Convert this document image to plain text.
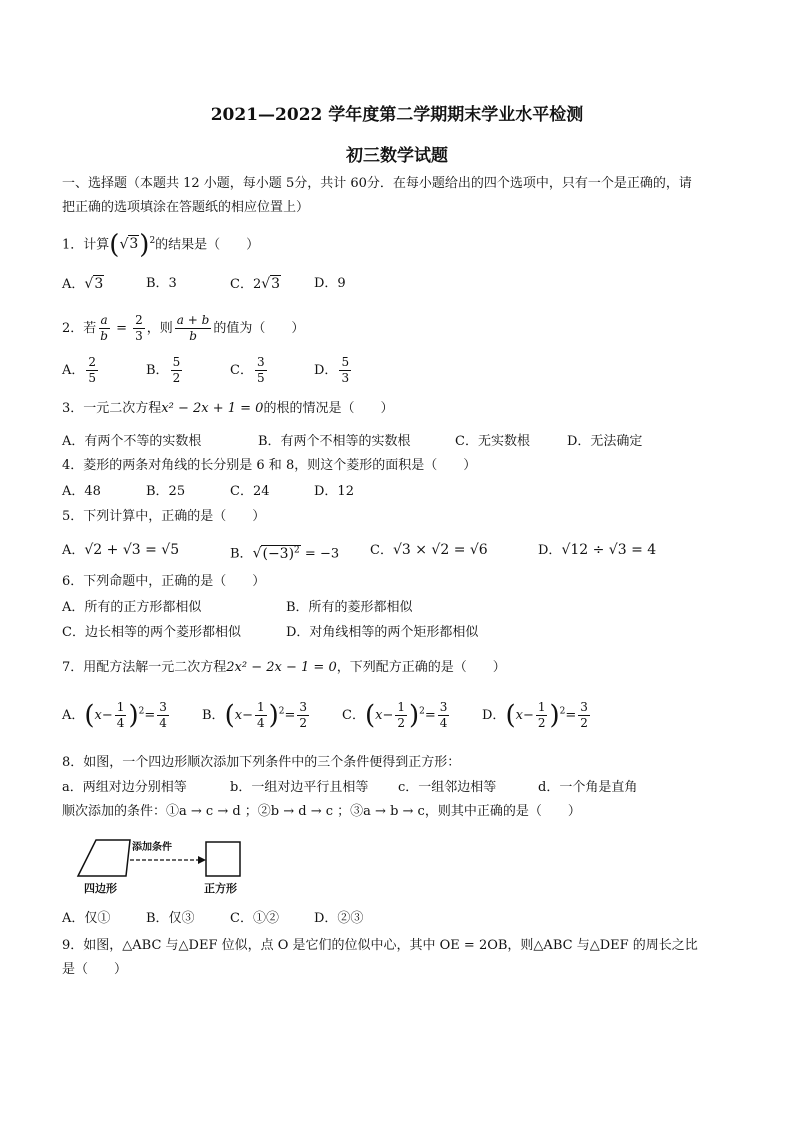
2021—2022 学年度第二学期期末学业水平检测
初三数学试题
一、选择题（本题共 12 小题，每小题 5分，共计 60分．在每小题给出的四个选项中，只有一个是正确的，请
把正确的选项填涂在答题纸的相应位置上）
1．计算$(√3)^2$的结果是（　　）
A．√3	B．3	C．2√3	D．9
2．若 $\frac{a}{b} = \frac{2}{3}$ ，则 $\frac{a + b}{b}$ 的值为（　　）
A． $\frac{2}{5}$	B． $\frac{5}{2}$	C． $\frac{3}{5}$	D． $\frac{5}{3}$
3．一元二次方程x² − 2x + 1 = 0的根的情况是（　　）
A．有两个不等的实数根	B．有两个不相等的实数根	C．无实数根	D．无法确定
4．菱形的两条对角线的长分别是 6 和 8，则这个菱形的面积是（　　）
A．48	B．25	C．24	D．12
5．下列计算中，正确的是（　　）
A．√2 + √3 = √5	B．$√(-3)^2 = -3$ C．√3 × √2 = √6	D．√12 ÷ √3 = 4
6．下列命题中，正确的是（　　）
A．所有的正方形都相似	B．所有的菱形都相似
C．边长相等的两个菱形都相似	D．对角线相等的两个矩形都相似
7．用配方法解一元二次方程2x² − 2x − 1 = 0，下列配方正确的是（　　）
A．$(x- \frac{1}{4} )^2= \frac{3}{4}$	B．$(x- \frac{1}{4} )^2= \frac{3}{2}$	C．$(x- \frac{1}{2} )^2= \frac{3}{4}$	D．$(x- \frac{1}{2} )^2= \frac{3}{2}$
8．如图，一个四边形顺次添加下列条件中的三个条件便得到正方形：
a．两组对边分别相等	b．一组对边平行且相等 c．一组邻边相等	d．一个角是直角
顺次添加的条件：①a → c → d ；②b → d → c ；③a → b → c，则其中正确的是（　　）
添加条件
四边形	正方形
A．仅①	B．仅③	C．①②	D．②③
9．如图，△ABC 与△DEF 位似，点 O 是它们的位似中心，其中 OE = 2OB，则△ABC 与△DEF 的周长之比
是（　　）
